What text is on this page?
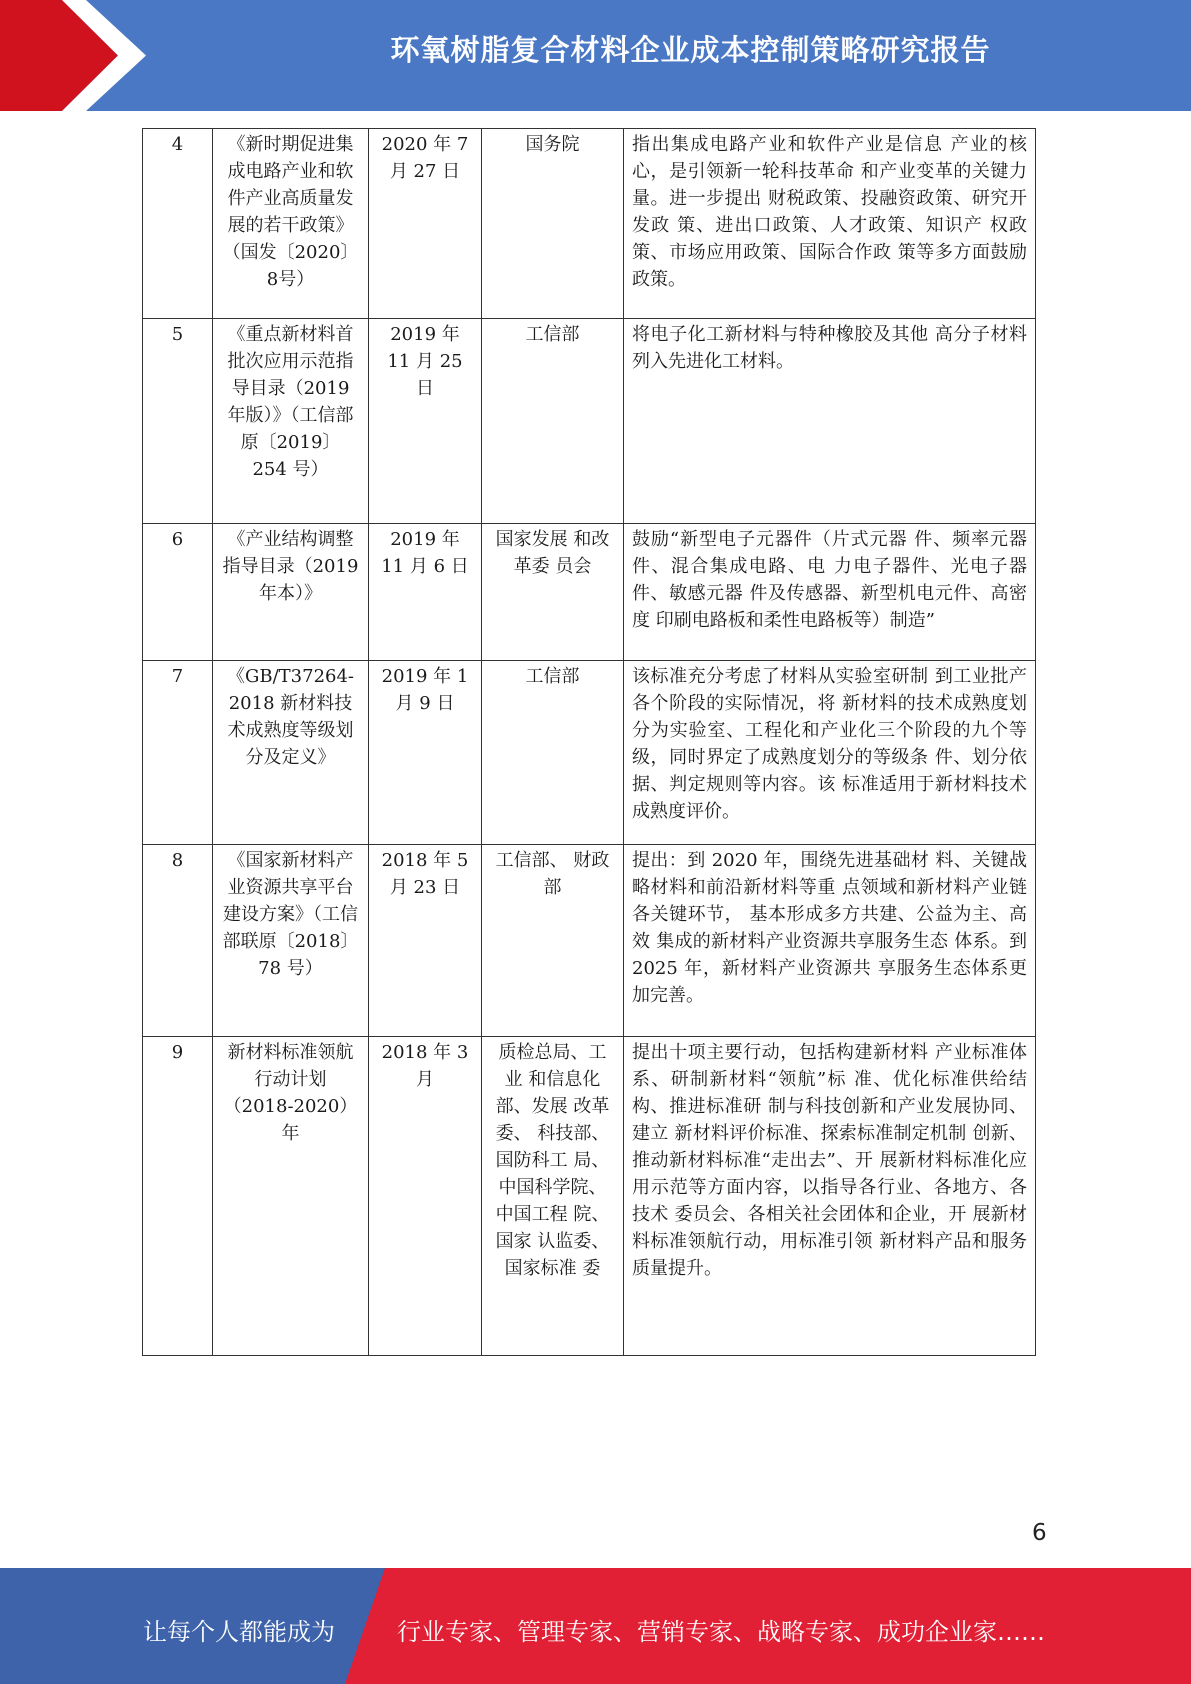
环氧树脂复合材料企业成本控制策略研究报告
4	《新时期促进集成电路产业和软件产业高质量发展的若干政策》（国发〔2020〕 8号）	2020 年 7 月 27 日	国务院	指出集成电路产业和软件产业是信息 产业的核心，是引领新一轮科技革命 和产业变革的关键力量。进一步提出 财税政策、投融资政策、研究开发政 策、进出口政策、人才政策、知识产 权政策、市场应用政策、国际合作政 策等多方面鼓励政策。
5	《重点新材料首批次应用示范指导目录（2019 年版）》（工信部原〔2019〕 254 号）	2019 年 11 月 25 日	工信部	将电子化工新材料与特种橡胶及其他 高分子材料列入先进化工材料。
6	《产业结构调整指导目录（2019 年本）》	2019 年 11 月 6 日	国家发展 和改革委 员会	鼓励“新型电子元器件（片式元器 件、频率元器件、混合集成电路、电 力电子器件、光电子器件、敏感元器 件及传感器、新型机电元件、高密度 印刷电路板和柔性电路板等）制造”
7	《GB/T37264-2018 新材料技术成熟度等级划分及定义》	2019 年 1 月 9 日	工信部	该标准充分考虑了材料从实验室研制 到工业批产各个阶段的实际情况，将 新材料的技术成熟度划分为实验室、工程化和产业化三个阶段的九个等 级，同时界定了成熟度划分的等级条 件、划分依据、判定规则等内容。该 标准适用于新材料技术成熟度评价。
8	《国家新材料产业资源共享平台建设方案》（工信部联原〔2018〕 78 号）	2018 年 5 月 23 日	工信部、 财政部	提出：到 2020 年，围绕先进基础材 料、关键战略材料和前沿新材料等重 点领域和新材料产业链各关键环节， 基本形成多方共建、公益为主、高效 集成的新材料产业资源共享服务生态 体系。到 2025 年，新材料产业资源共 享服务生态体系更加完善。
9	新材料标准领航行动计划（2018-2020）年	2018 年 3 月	质检总局、工业 和信息化部、发展 改革委、 科技部、 国防科工 局、中国科学院、 中国工程 院、国家 认监委、 国家标准 委	提出十项主要行动，包括构建新材料 产业标准体系、研制新材料“领航”标 准、优化标准供给结构、推进标准研 制与科技创新和产业发展协同、建立 新材料评价标准、探索标准制定机制 创新、推动新材料标准“走出去”、开 展新材料标准化应用示范等方面内容，以指导各行业、各地方、各技术 委员会、各相关社会团体和企业，开 展新材料标准领航行动，用标准引领 新材料产品和服务质量提升。
6
让每个人都能成为	行业专家、管理专家、营销专家、战略专家、成功企业家……
